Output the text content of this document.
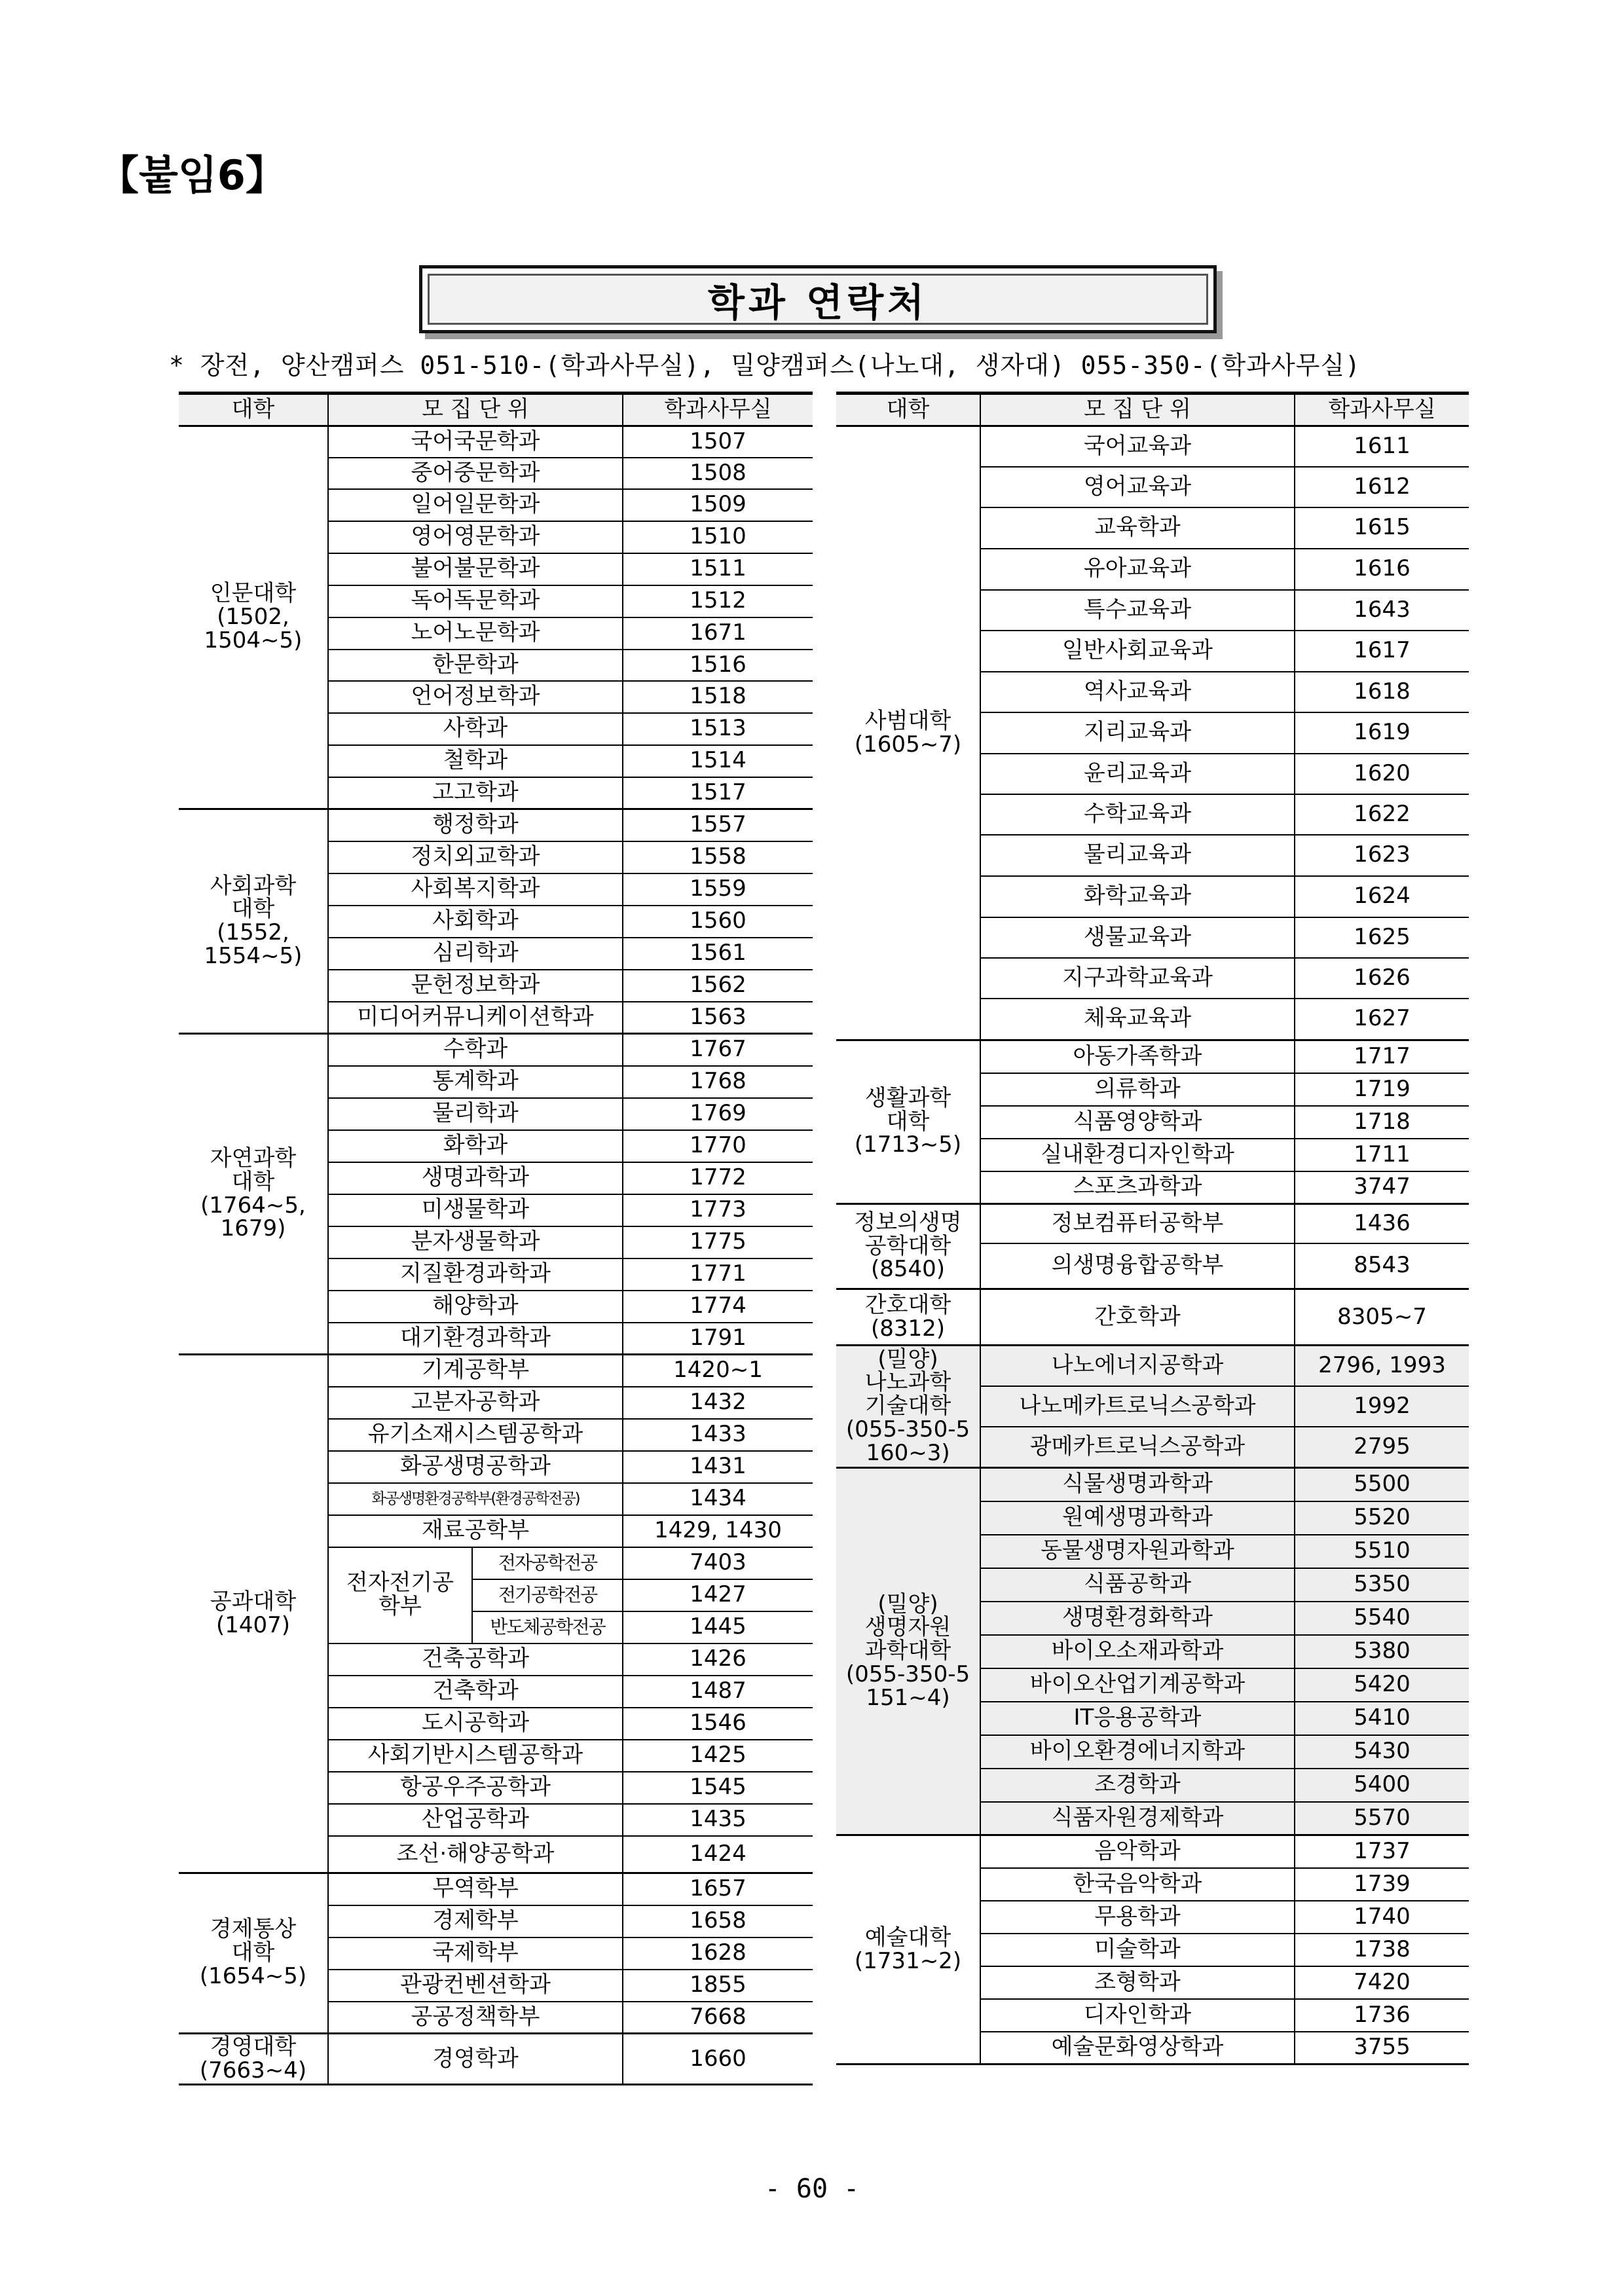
【붙임6】
학과 연락처
* 장전, 양산캠퍼스 051-510-(학과사무실), 밀양캠퍼스(나노대, 생자대) 055-350-(학과사무실)
대학	모 집 단 위		학과사무실
인문대학
(1502,
1504~5)	국어국문학과		1507
	중어중문학과		1508
	일어일문학과		1509
	영어영문학과		1510
	불어불문학과		1511
	독어독문학과		1512
	노어노문학과		1671
	한문학과		1516
	언어정보학과		1518
	사학과		1513
	철학과		1514
	고고학과		1517
사회과학
대학
(1552,
1554~5)	행정학과		1557
	정치외교학과		1558
	사회복지학과		1559
	사회학과		1560
	심리학과		1561
	문헌정보학과		1562
	미디어커뮤니케이션학과		1563
자연과학
대학
(1764~5,
1679)	수학과		1767
	통계학과		1768
	물리학과		1769
	화학과		1770
	생명과학과		1772
	미생물학과		1773
	분자생물학과		1775
	지질환경과학과		1771
	해양학과		1774
	대기환경과학과		1791
공과대학
(1407)	기계공학부		1420~1
	고분자공학과		1432
	유기소재시스템공학과		1433
	화공생명공학과		1431
	화공생명환경공학부(환경공학전공)		1434
	재료공학부		1429, 1430
	전자전기공
학부	전자공학전공	7403
		전기공학전공	1427
		반도체공학전공	1445
	건축공학과		1426
	건축학과		1487
	도시공학과		1546
	사회기반시스템공학과		1425
	항공우주공학과		1545
	산업공학과		1435
	조선·해양공학과		1424
경제통상
대학
(1654~5)	무역학부		1657
	경제학부		1658
	국제학부		1628
	관광컨벤션학과		1855
	공공정책학부		7668
경영대학
(7663~4)	경영학과		1660
대학	모 집 단 위	학과사무실
사범대학
(1605~7)	국어교육과	1611
	영어교육과	1612
	교육학과	1615
	유아교육과	1616
	특수교육과	1643
	일반사회교육과	1617
	역사교육과	1618
	지리교육과	1619
	윤리교육과	1620
	수학교육과	1622
	물리교육과	1623
	화학교육과	1624
	생물교육과	1625
	지구과학교육과	1626
	체육교육과	1627
생활과학
대학
(1713~5)	아동가족학과	1717
	의류학과	1719
	식품영양학과	1718
	실내환경디자인학과	1711
	스포츠과학과	3747
정보의생명
공학대학
(8540)	정보컴퓨터공학부	1436
	의생명융합공학부	8543
간호대학
(8312)	간호학과	8305~7
(밀양)
나노과학
기술대학
(055-350-5
160~3)	나노에너지공학과	2796, 1993
	나노메카트로닉스공학과	1992
	광메카트로닉스공학과	2795
(밀양)
생명자원
과학대학
(055-350-5
151~4)	식물생명과학과	5500
	원예생명과학과	5520
	동물생명자원과학과	5510
	식품공학과	5350
	생명환경화학과	5540
	바이오소재과학과	5380
	바이오산업기계공학과	5420
	IT응용공학과	5410
	바이오환경에너지학과	5430
	조경학과	5400
	식품자원경제학과	5570
예술대학
(1731~2)	음악학과	1737
	한국음악학과	1739
	무용학과	1740
	미술학과	1738
	조형학과	7420
	디자인학과	1736
	예술문화영상학과	3755
- 60 -
